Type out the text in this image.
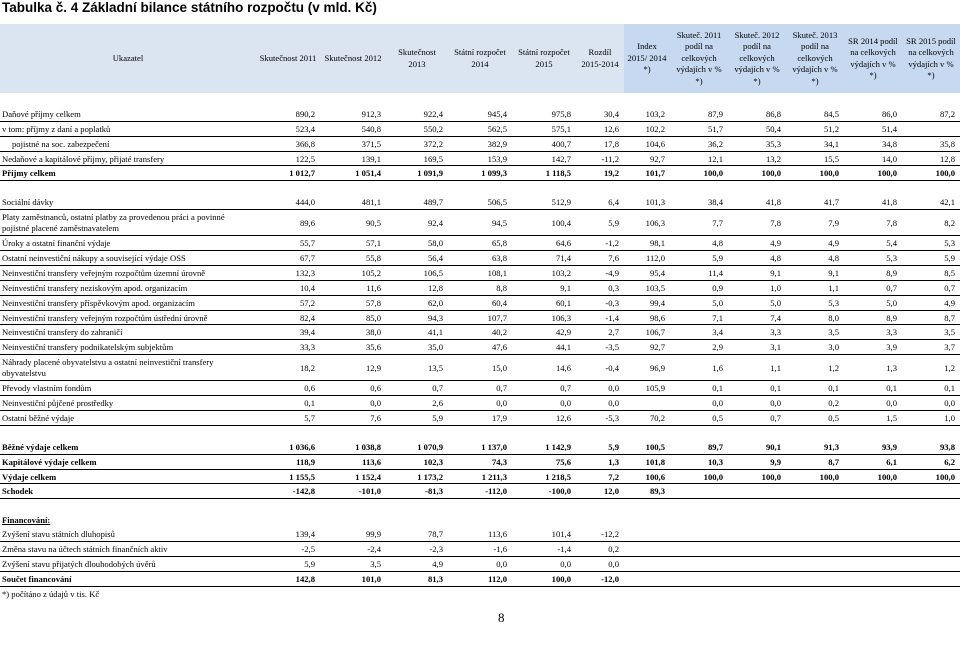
Tabulka č. 4 Základní bilance státního rozpočtu (v mld. Kč)
Ukazatel	Skutečnost 2011	Skutečnost 2012	Skutečnost 2013	Státní rozpočet 2014	Státní rozpočet 2015	Rozdíl 2015-2014	Index 2015/ 2014 *)	Skuteč. 2011 podíl na celkových výdajích v % *)	Skuteč. 2012 podíl na celkových výdajích v % *)	Skuteč. 2013 podíl na celkových výdajích v % *)	SR 2014 podíl na celkových výdajích v % *)	SR 2015 podíl na celkových výdajích v % *)

Daňové příjmy celkem	890,2	912,3	922,4	945,4	975,8	30,4	103,2	87,9	86,8	84,5	86,0	87,2
v tom: příjmy z daní a poplatků	523,4	540,8	550,2	562,5	575,1	12,6	102,2	51,7	50,4	51,2	51,4	
pojistné na soc. zabezpečení	366,8	371,5	372,2	382,9	400,7	17,8	104,6	36,2	35,3	34,1	34,8	35,8
Nedaňové a kapitálové příjmy, přijaté transfery	122,5	139,1	169,5	153,9	142,7	-11,2	92,7	12,1	13,2	15,5	14,0	12,8
Příjmy celkem	1 012,7	1 051,4	1 091,9	1 099,3	1 118,5	19,2	101,7	100,0	100,0	100,0	100,0	100,0

Sociální dávky	444,0	481,1	489,7	506,5	512,9	6,4	101,3	38,4	41,8	41,7	41,8	42,1
Platy zaměstnanců, ostatní platby za provedenou práci a povinné pojistné placené zaměstnavatelem	89,6	90,5	92,4	94,5	100,4	5,9	106,3	7,7	7,8	7,9	7,8	8,2
Úroky a ostatní finanční výdaje	55,7	57,1	58,0	65,8	64,6	-1,2	98,1	4,8	4,9	4,9	5,4	5,3
Ostatní neinvestiční nákupy a související výdaje OSS	67,7	55,8	56,4	63,8	71,4	7,6	112,0	5,9	4,8	4,8	5,3	5,9
Neinvestiční transfery veřejným rozpočtům územní úrovně	132,3	105,2	106,5	108,1	103,2	-4,9	95,4	11,4	9,1	9,1	8,9	8,5
Neinvestiční transfery neziskovým apod. organizacím	10,4	11,6	12,8	8,8	9,1	0,3	103,5	0,9	1,0	1,1	0,7	0,7
Neinvestiční transfery příspěvkovým apod. organizacím	57,2	57,8	62,0	60,4	60,1	-0,3	99,4	5,0	5,0	5,3	5,0	4,9
Neinvestiční transfery veřejným rozpočtům ústřední úrovně	82,4	85,0	94,3	107,7	106,3	-1,4	98,6	7,1	7,4	8,0	8,9	8,7
Neinvestiční transfery do zahraničí	39,4	38,0	41,1	40,2	42,9	2,7	106,7	3,4	3,3	3,5	3,3	3,5
Neinvestiční transfery podnikatelským subjektům	33,3	35,6	35,0	47,6	44,1	-3,5	92,7	2,9	3,1	3,0	3,9	3,7
Náhrady placené obyvatelstvu a ostatní neinvestiční transfery obyvatelstvu	18,2	12,9	13,5	15,0	14,6	-0,4	96,9	1,6	1,1	1,2	1,3	1,2
Převody vlastním fondům	0,6	0,6	0,7	0,7	0,7	0,0	105,9	0,1	0,1	0,1	0,1	0,1
Neinvestiční půjčené prostředky	0,1	0,0	2,6	0,0	0,0	0,0		0,0	0,0	0,2	0,0	0,0
Ostatní běžné výdaje	5,7	7,6	5,9	17,9	12,6	-5,3	70,2	0,5	0,7	0,5	1,5	1,0

Běžné výdaje celkem	1 036,6	1 038,8	1 070,9	1 137,0	1 142,9	5,9	100,5	89,7	90,1	91,3	93,9	93,8
Kapitálové výdaje celkem	118,9	113,6	102,3	74,3	75,6	1,3	101,8	10,3	9,9	8,7	6,1	6,2
Výdaje celkem	1 155,5	1 152,4	1 173,2	1 211,3	1 218,5	7,2	100,6	100,0	100,0	100,0	100,0	100,0
Schodek	-142,8	-101,0	-81,3	-112,0	-100,0	12,0	89,3					

Financování:												
Zvýšení stavu státních dluhopisů	139,4	99,9	78,7	113,6	101,4	-12,2						
Změna stavu na účtech státních finančních aktiv	-2,5	-2,4	-2,3	-1,6	-1,4	0,2						
Zvýšení stavu přijatých dlouhodobých úvěrů	5,9	3,5	4,9	0,0	0,0	0,0						
Součet financování	142,8	101,0	81,3	112,0	100,0	-12,0						
*) počítáno z údajů v tis. Kč												
8
